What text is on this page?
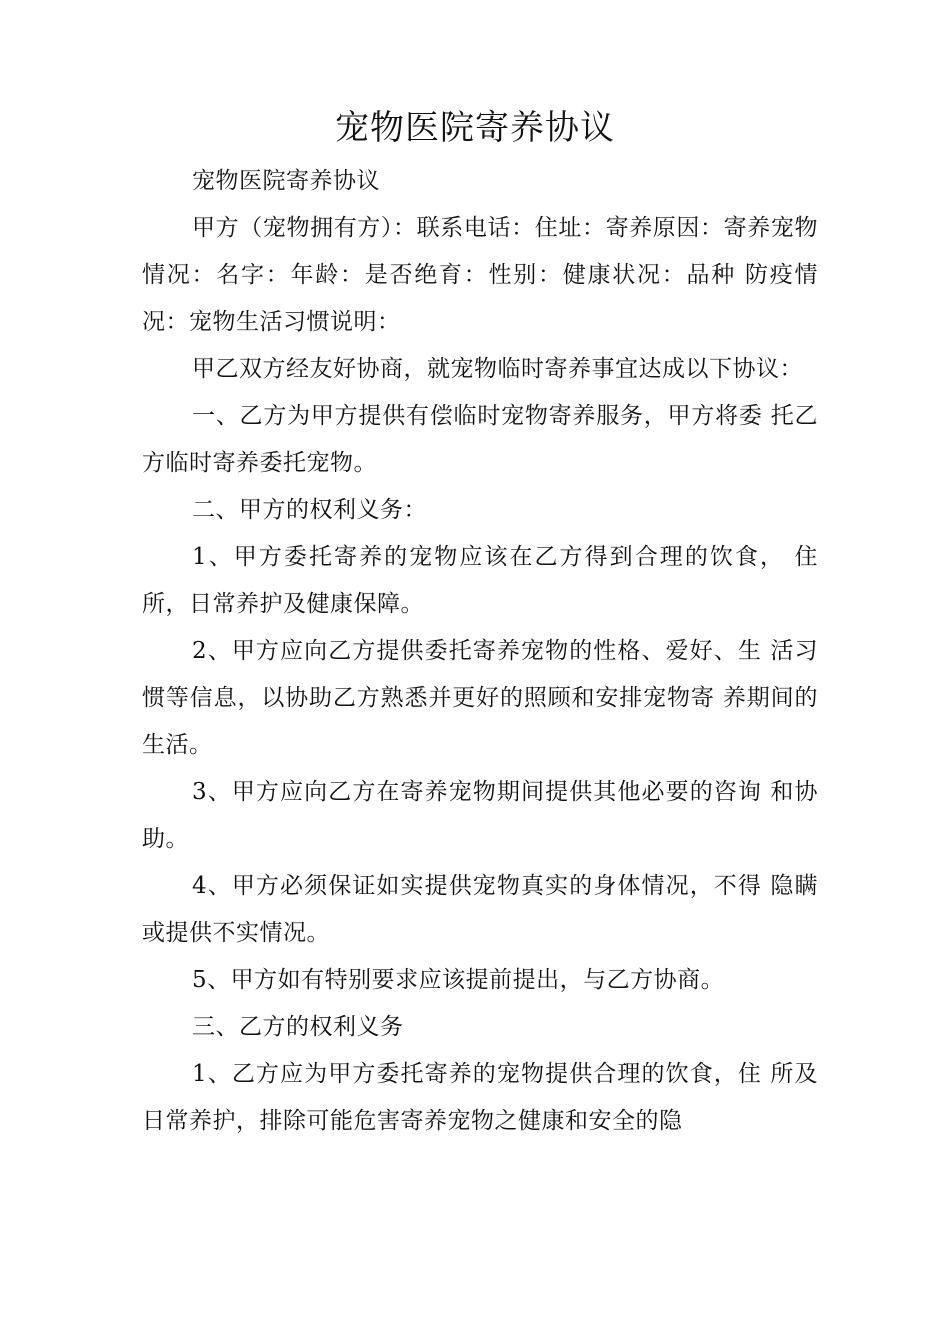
宠物医院寄养协议

宠物医院寄养协议

甲方（宠物拥有方）：联系电话：住址：寄养原因：寄养宠物情况：名字：年龄：是否绝育：性别：健康状况：品种 防疫情况：宠物生活习惯说明：

甲乙双方经友好协商，就宠物临时寄养事宜达成以下协议：

一、乙方为甲方提供有偿临时宠物寄养服务，甲方将委 托乙方临时寄养委托宠物。

二、甲方的权利义务：

1、甲方委托寄养的宠物应该在乙方得到合理的饮食， 住所，日常养护及健康保障。

2、甲方应向乙方提供委托寄养宠物的性格、爱好、生 活习惯等信息，以协助乙方熟悉并更好的照顾和安排宠物寄 养期间的生活。

3、甲方应向乙方在寄养宠物期间提供其他必要的咨询 和协助。

4、甲方必须保证如实提供宠物真实的身体情况，不得 隐瞒或提供不实情况。

5、甲方如有特别要求应该提前提出，与乙方协商。

三、乙方的权利义务

1、乙方应为甲方委托寄养的宠物提供合理的饮食，住 所及日常养护，排除可能危害寄养宠物之健康和安全的隐
